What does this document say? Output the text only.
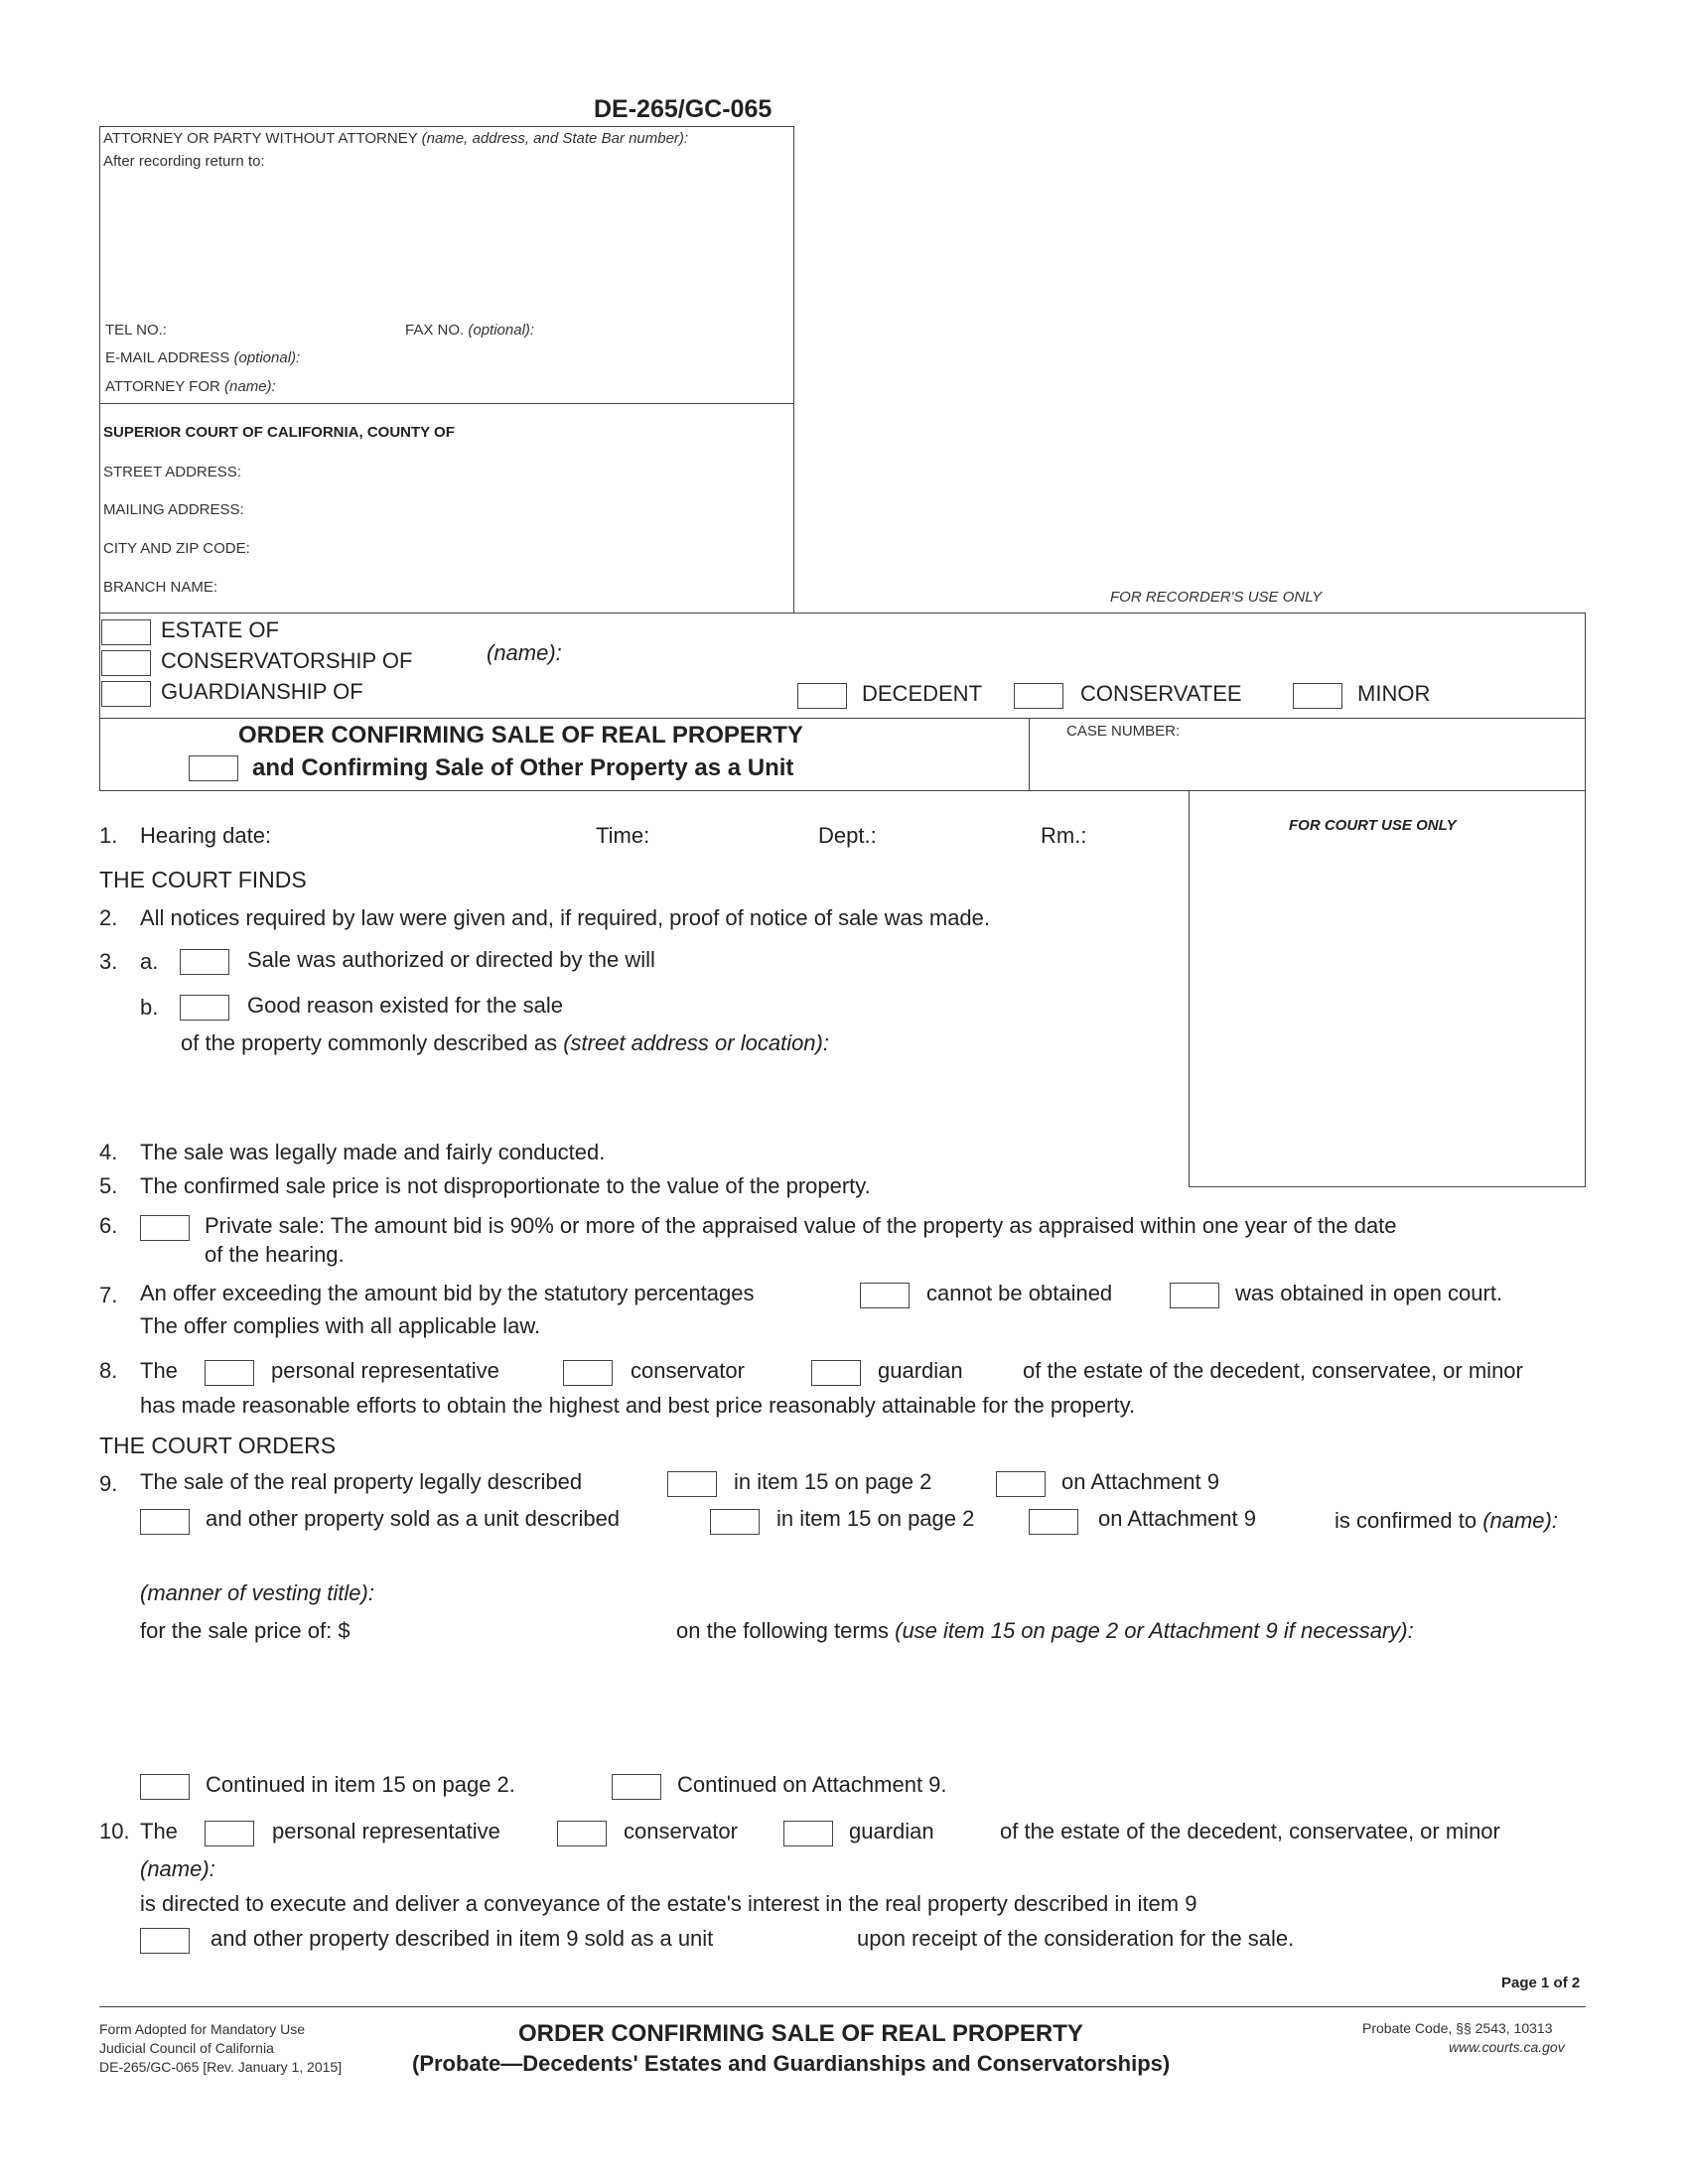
DE-265/GC-065
ATTORNEY OR PARTY WITHOUT ATTORNEY (name, address, and State Bar number):
After recording return to:
TEL NO.:	FAX NO. (optional):
E-MAIL ADDRESS (optional):
ATTORNEY FOR (name):
SUPERIOR COURT OF CALIFORNIA, COUNTY OF
STREET ADDRESS:
MAILING ADDRESS:
CITY AND ZIP CODE:
BRANCH NAME:
FOR RECORDER'S USE ONLY
ESTATE OF
CONSERVATORSHIP OF	(name):
GUARDIANSHIP OF	DECEDENT	CONSERVATEE	MINOR
ORDER CONFIRMING SALE OF REAL PROPERTY
and Confirming Sale of Other Property as a Unit
CASE NUMBER:
FOR COURT USE ONLY
1. Hearing date:	Time:	Dept.:	Rm.:
THE COURT FINDS
2. All notices required by law were given and, if required, proof of notice of sale was made.
3. a.	Sale was authorized or directed by the will
b.	Good reason existed for the sale
of the property commonly described as (street address or location):
4. The sale was legally made and fairly conducted.
5. The confirmed sale price is not disproportionate to the value of the property.
6.	Private sale: The amount bid is 90% or more of the appraised value of the property as appraised within one year of the date
of the hearing.
7. An offer exceeding the amount bid by the statutory percentages	cannot be obtained	was obtained in open court.
The offer complies with all applicable law.
8. The	personal representative	conservator	guardian	of the estate of the decedent, conservatee, or minor
has made reasonable efforts to obtain the highest and best price reasonably attainable for the property.
THE COURT ORDERS
9. The sale of the real property legally described	in item 15 on page 2	on Attachment 9
and other property sold as a unit described	in item 15 on page 2	on Attachment 9	is confirmed to (name):
(manner of vesting title):
for the sale price of: $	on the following terms (use item 15 on page 2 or Attachment 9 if necessary):
Continued in item 15 on page 2.	Continued on Attachment 9.
10. The	personal representative	conservator	guardian	of the estate of the decedent, conservatee, or minor
(name):
is directed to execute and deliver a conveyance of the estate's interest in the real property described in item 9
and other property described in item 9 sold as a unit	upon receipt of the consideration for the sale.
Page 1 of 2
Form Adopted for Mandatory Use
Judicial Council of California
DE-265/GC-065 [Rev. January 1, 2015]
ORDER CONFIRMING SALE OF REAL PROPERTY
(Probate—Decedents' Estates and Guardianships and Conservatorships)
Probate Code, §§ 2543, 10313
www.courts.ca.gov
